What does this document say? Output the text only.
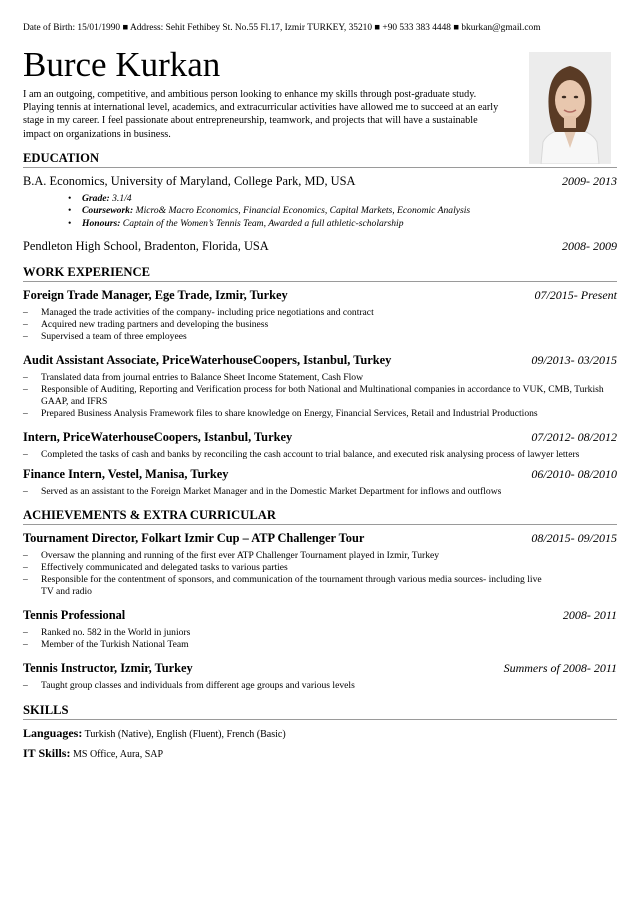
Date of Birth: 15/01/1990 ■ Address: Sehit Fethibey St. No.55 Fl.17, Izmir TURKEY, 35210 ■ +90 533 383 4448 ■ bkurkan@gmail.com

Burce Kurkan

I am an outgoing, competitive, and ambitious person looking to enhance my skills through post-graduate study. Playing tennis at international level, academics, and extracurricular activities have allowed me to succeed at an early stage in my career. I feel passionate about entrepreneurship, teamwork, and projects that will have a sustainable impact on organizations in business.

EDUCATION
B.A. Economics, University of Maryland, College Park, MD, USA	2009- 2013
• Grade: 3.1/4
• Coursework: Micro& Macro Economics, Financial Economics, Capital Markets, Economic Analysis
• Honours: Captain of the Women’s Tennis Team, Awarded a full athletic-scholarship
Pendleton High School, Bradenton, Florida, USA	2008- 2009
WORK EXPERIENCE
Foreign Trade Manager, Ege Trade, Izmir, Turkey	07/2015- Present
– Managed the trade activities of the company- including price negotiations and contract
– Acquired new trading partners and developing the business
– Supervised a team of three employees
Audit Assistant Associate, PriceWaterhouseCoopers, Istanbul, Turkey	09/2013- 03/2015
– Translated data from journal entries to Balance Sheet Income Statement, Cash Flow
– Responsible of Auditing, Reporting and Verification process for both National and Multinational companies in accordance to VUK, CMB, Turkish GAAP, and IFRS
– Prepared Business Analysis Framework files to share knowledge on Energy, Financial Services, Retail and Industrial Productions
Intern, PriceWaterhouseCoopers, Istanbul, Turkey	07/2012- 08/2012
– Completed the tasks of cash and banks by reconciling the cash account to trial balance, and executed risk analysing process of lawyer letters
Finance Intern, Vestel, Manisa, Turkey	06/2010- 08/2010
– Served as an assistant to the Foreign Market Manager and in the Domestic Market Department for inflows and outflows
ACHIEVEMENTS & EXTRA CURRICULAR
Tournament Director, Folkart Izmir Cup – ATP Challenger Tour	08/2015- 09/2015
– Oversaw the planning and running of the first ever ATP Challenger Tournament played in Izmir, Turkey
– Effectively communicated and delegated tasks to various parties
– Responsible for the contentment of sponsors, and communication of the tournament through various media sources- including live TV and radio
Tennis Professional	2008- 2011
– Ranked no. 582 in the World in juniors
– Member of the Turkish National Team
Tennis Instructor, Izmir, Turkey	Summers of 2008- 2011
– Taught group classes and individuals from different age groups and various levels
SKILLS
Languages: Turkish (Native), English (Fluent), French (Basic)
IT Skills: MS Office, Aura, SAP
